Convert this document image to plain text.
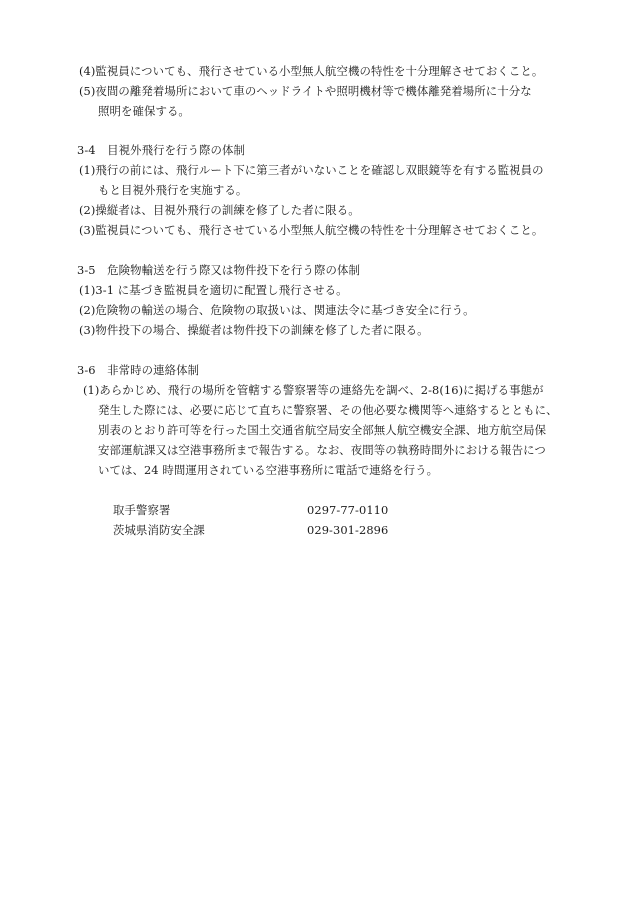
(4)監視員についても、飛行させている小型無人航空機の特性を十分理解させておくこと。

(5)夜間の離発着場所において車のヘッドライトや照明機材等で機体離発着場所に十分な

照明を確保する。

3-4　目視外飛行を行う際の体制

(1)飛行の前には、飛行ルート下に第三者がいないことを確認し双眼鏡等を有する監視員の

もと目視外飛行を実施する。

(2)操縦者は、目視外飛行の訓練を修了した者に限る。

(3)監視員についても、飛行させている小型無人航空機の特性を十分理解させておくこと。

3-5　危険物輸送を行う際又は物件投下を行う際の体制

(1)3-1 に基づき監視員を適切に配置し飛行させる。

(2)危険物の輸送の場合、危険物の取扱いは、関連法令に基づき安全に行う。

(3)物件投下の場合、操縦者は物件投下の訓練を修了した者に限る。

3-6　非常時の連絡体制

(1)あらかじめ、飛行の場所を管轄する警察署等の連絡先を調べ、2-8(16)に掲げる事態が

発生した際には、必要に応じて直ちに警察署、その他必要な機関等へ連絡するとともに、

別表のとおり許可等を行った国土交通省航空局安全部無人航空機安全課、地方航空局保

安部運航課又は空港事務所まで報告する。なお、夜間等の執務時間外における報告につ

いては、24 時間運用されている空港事務所に電話で連絡を行う。

取手警察署	0297-77-0110
茨城県消防安全課	029-301-2896
